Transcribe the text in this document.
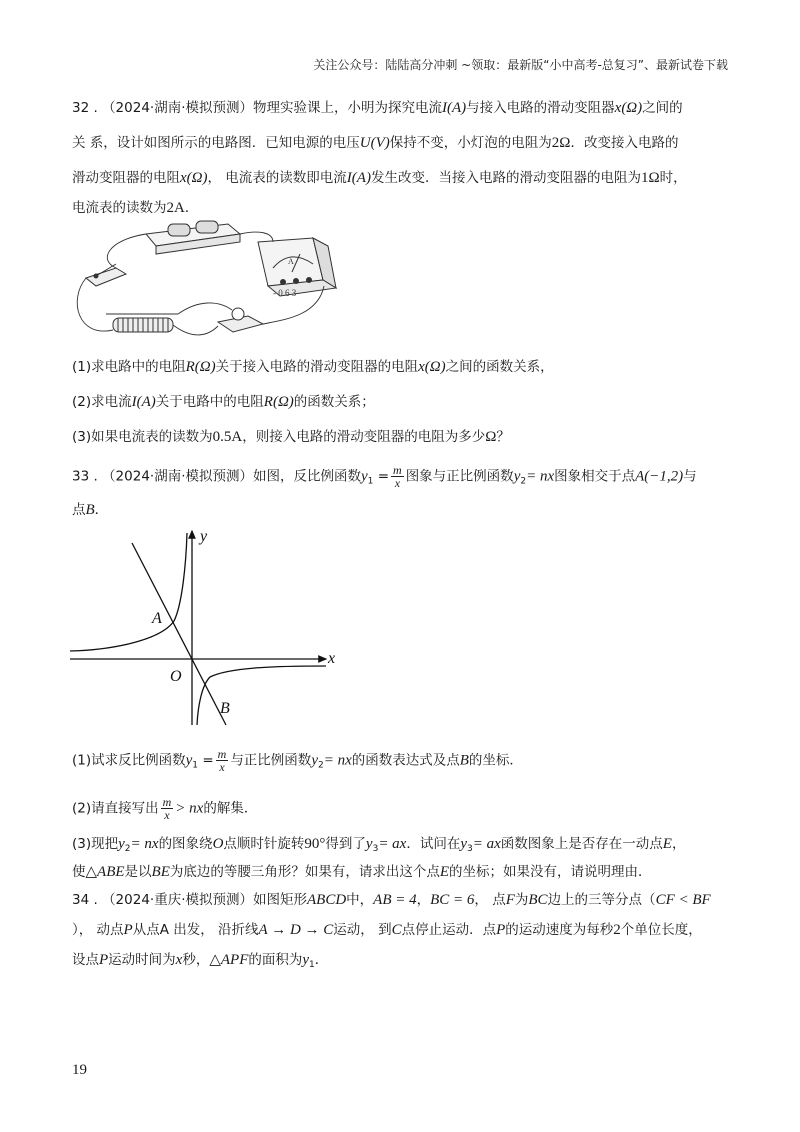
关注公众号：陆陆高分冲刺 ~领取：最新版“小中高考-总复习”、最新试卷下载
32 . （2024·湖南·模拟预测）物理实验课上，小明为探究电流I(A)与接入电路的滑动变阻器x(Ω)之间的
关 系，设计如图所示的电路图．已知电源的电压U(V)保持不变，小灯泡的电阻为2Ω．改变接入电路的
滑动变阻器的电阻x(Ω)， 电流表的读数即电流I(A)发生改变．当接入电路的滑动变阻器的电阻为1Ω时，
电流表的读数为2A．
A
- 0.6 3
(1)求电路中的电阻R(Ω)关于接入电路的滑动变阻器的电阻x(Ω)之间的函数关系，
(2)求电流I(A)关于电路中的电阻R(Ω)的函数关系；
(3)如果电流表的读数为0.5A，则接入电路的滑动变阻器的电阻为多少Ω？
33 . （2024·湖南·模拟预测）如图，反比例函数$y_1 = \frac{m}{x}$ 图象与正比例函数$y_2=$ nx图象相交于点A(−1,2)与
点B．
x
y
O
A
B
(1)试求反比例函数$y_1 = \frac{m}{x}$ 与正比例函数$y_2=$ nx的函数表达式及点B的坐标．
(2)请直接写出 $\frac{m}{x}$ > nx的解集．
(3)现把$y_2=$ nx的图象绕O点顺时针旋转90°得到了$y_3=$ ax．试问在$y_3=$ ax函数图象上是否存在一动点E，
使△ABE是以BE为底边的等腰三角形？如果有，请求出这个点E的坐标；如果没有，请说明理由．
34 . （2024·重庆·模拟预测）如图矩形ABCD中，AB = 4，BC = 6， 点F为BC边上的三等分点（CF < BF
）， 动点P从点A 出发， 沿折线A → D → C运动， 到C点停止运动．点P的运动速度为每秒2个单位长度，
设点P运动时间为x秒，△APF的面积为$y_1$．
19
